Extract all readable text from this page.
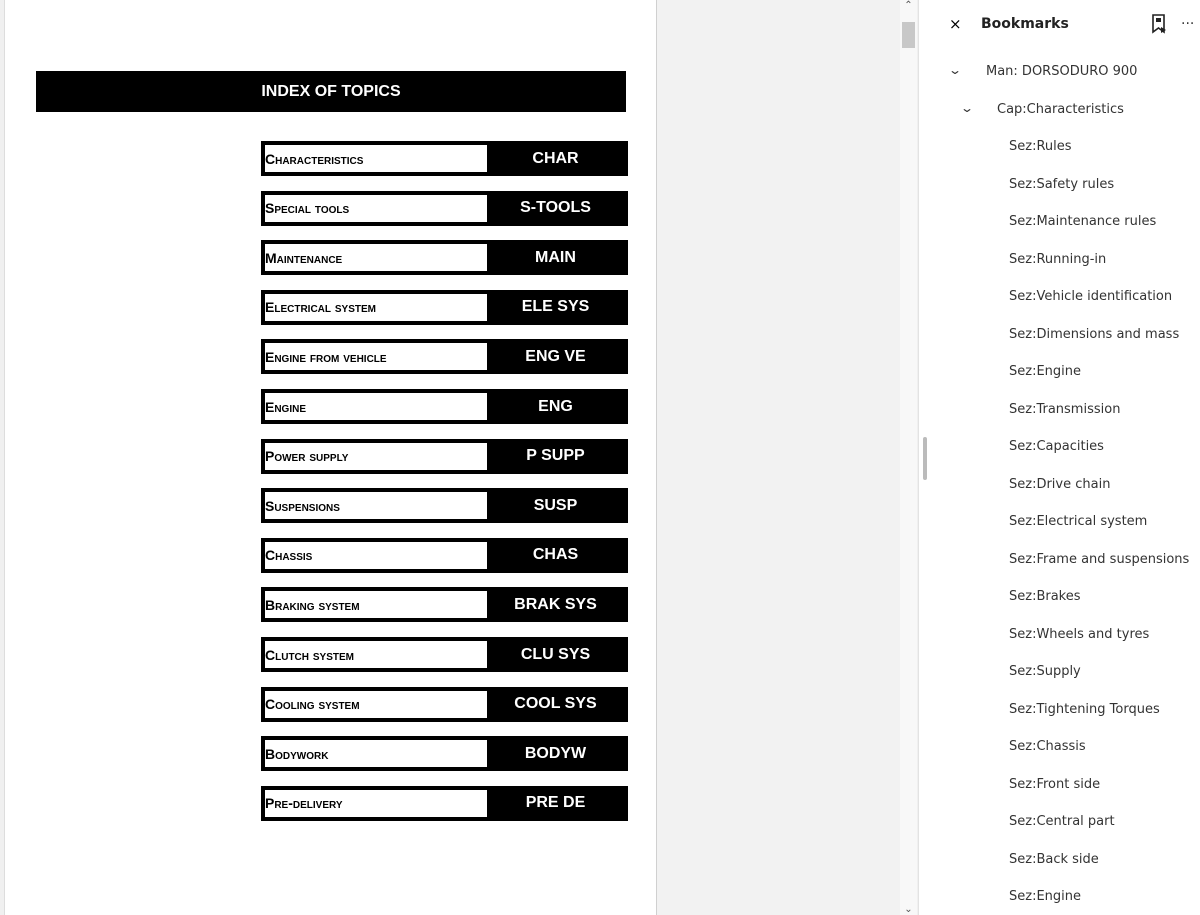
INDEX OF TOPICS
Characteristics	CHAR
Special tools	S-TOOLS
Maintenance	MAIN
Electrical system	ELE SYS
Engine from vehicle	ENG VE
Engine	ENG
Power supply	P SUPP
Suspensions	SUSP
Chassis	CHAS
Braking system	BRAK SYS
Clutch system	CLU SYS
Cooling system	COOL SYS
Bodywork	BODYW
Pre-delivery	PRE DE
⌃
⌄
× Bookmarks	···
⌄ Man: DORSODURO 900
⌄ Cap:Characteristics
Sez:Rules
Sez:Safety rules
Sez:Maintenance rules
Sez:Running-in
Sez:Vehicle identification
Sez:Dimensions and mass
Sez:Engine
Sez:Transmission
Sez:Capacities
Sez:Drive chain
Sez:Electrical system
Sez:Frame and suspensions
Sez:Brakes
Sez:Wheels and tyres
Sez:Supply
Sez:Tightening Torques
Sez:Chassis
Sez:Front side
Sez:Central part
Sez:Back side
Sez:Engine
